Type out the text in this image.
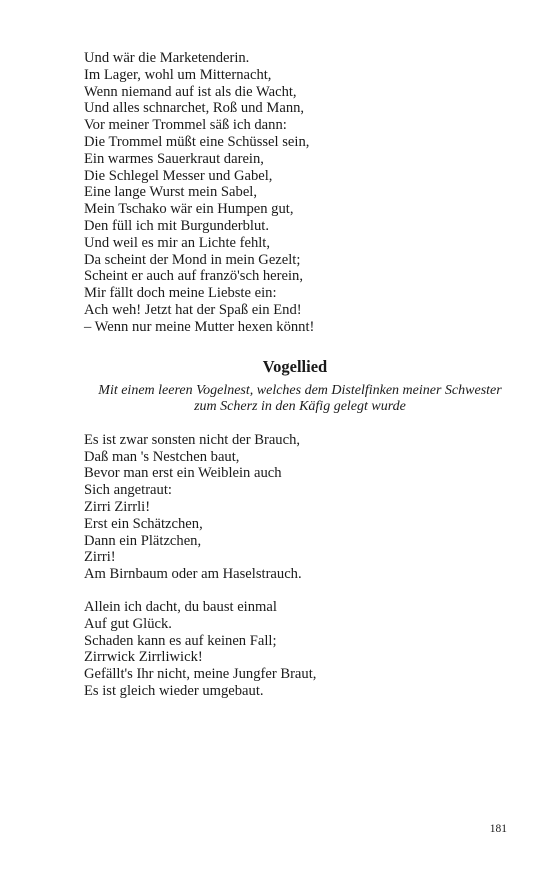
Und wär die Marketenderin.
Im Lager, wohl um Mitternacht,
Wenn niemand auf ist als die Wacht,
Und alles schnarchet, Roß und Mann,
Vor meiner Trommel säß ich dann:
Die Trommel müßt eine Schüssel sein,
Ein warmes Sauerkraut darein,
Die Schlegel Messer und Gabel,
Eine lange Wurst mein Sabel,
Mein Tschako wär ein Humpen gut,
Den füll ich mit Burgunderblut.
Und weil es mir an Lichte fehlt,
Da scheint der Mond in mein Gezelt;
Scheint er auch auf franzö'sch herein,
Mir fällt doch meine Liebste ein:
Ach weh! Jetzt hat der Spaß ein End!
– Wenn nur meine Mutter hexen könnt!
Vogellied
Mit einem leeren Vogelnest, welches dem Distelfinken meiner Schwester
zum Scherz in den Käfig gelegt wurde
Es ist zwar sonsten nicht der Brauch,
Daß man 's Nestchen baut,
Bevor man erst ein Weiblein auch
Sich angetraut:
Zirri Zirrli!
Erst ein Schätzchen,
Dann ein Plätzchen,
Zirri!
Am Birnbaum oder am Haselstrauch.
Allein ich dacht, du baust einmal
Auf gut Glück.
Schaden kann es auf keinen Fall;
Zirrwick Zirrliwick!
Gefällt's Ihr nicht, meine Jungfer Braut,
Es ist gleich wieder umgebaut.
181
